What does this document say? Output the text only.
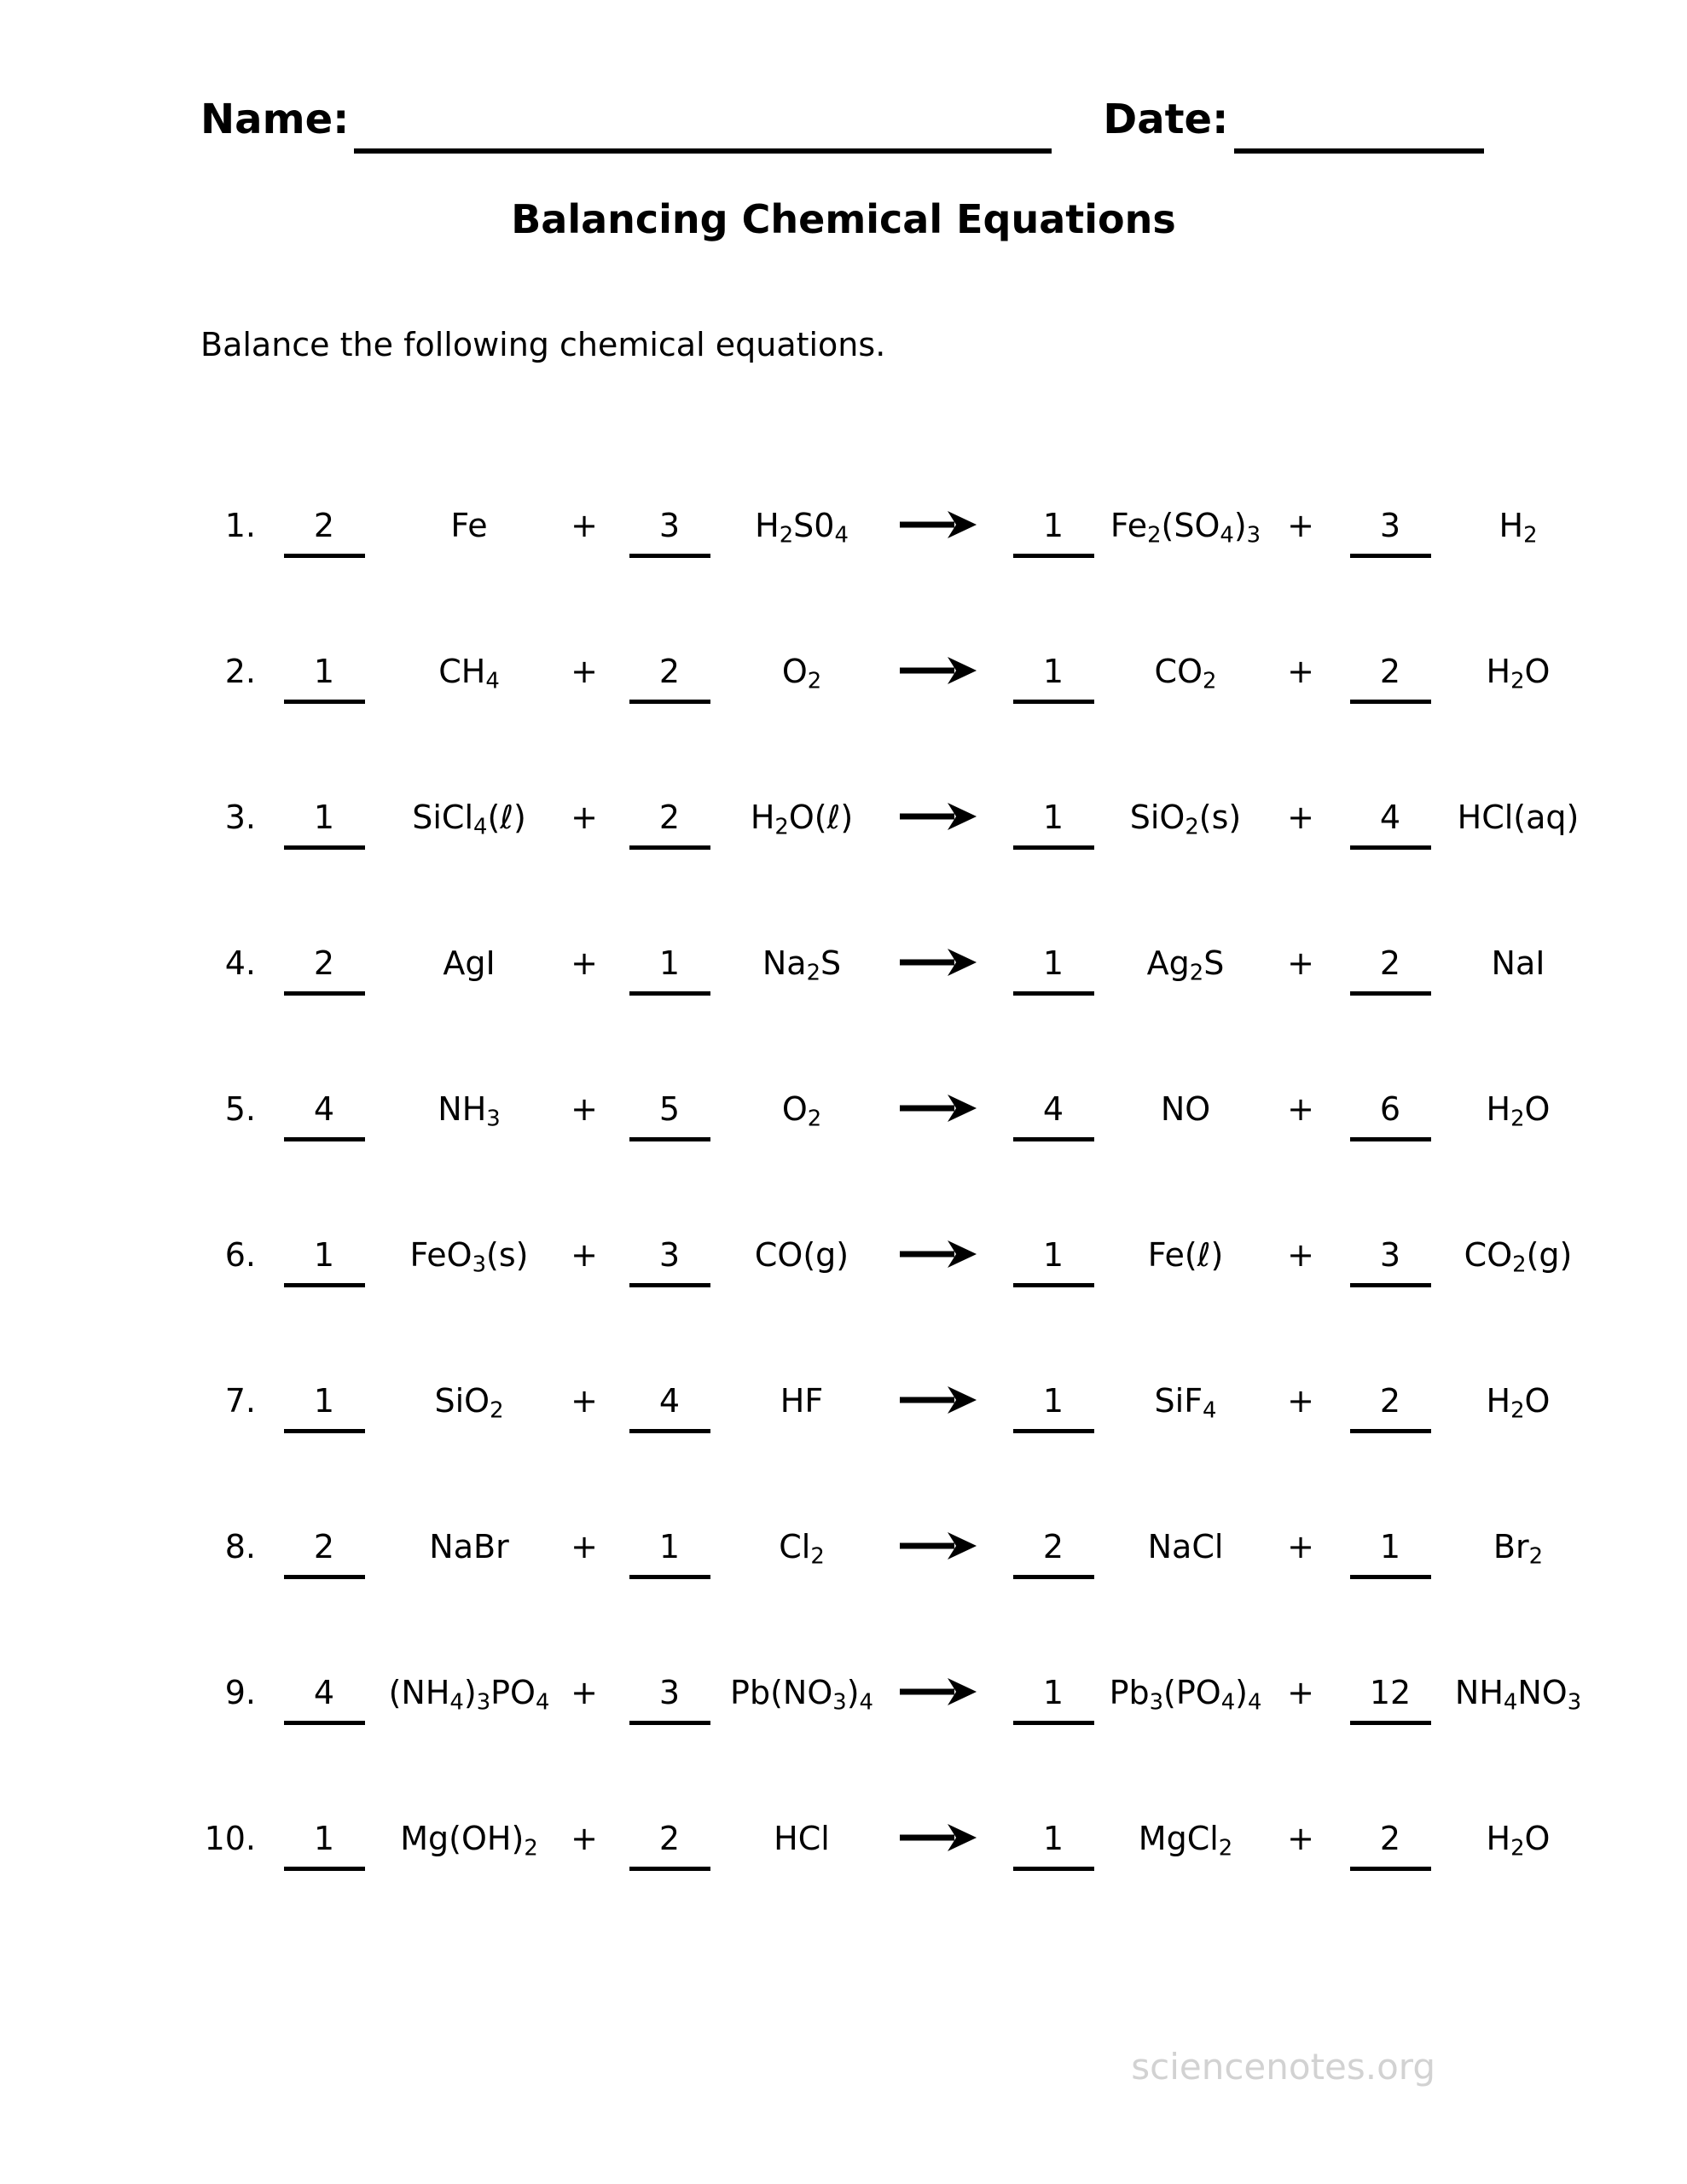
Name:	Date:
Balancing Chemical Equations
Balance the following chemical equations.
1.	2	Fe	+	3	$H_2S0_4$ →	1	$Fe_2(SO_4)_3$ +	3	$H_2$
2.	1	$CH_4$	+	2	$O_2$	→	1	$CO_2$	+	2	$H_2O$
3.	1	SiCl$_4$(ℓ)	+	2	$H_2O(\ell)$ →	1	SiO$_2$(s)	+	4	HCl(aq)
4.	2	AgI	+	1	$Na_2S$	→	1	$Ag_2S$	+	2	NaI
5.	4	$NH_3$	+	5	$O_2$	→	4	NO	+	6	$H_2O$
6.	1	FeO$_3$(s)	+	3	CO(g) →	1	Fe(ℓ)	+	3	$CO_2(g)$
7.	1	SiO$_2$	+	4	HF	→	1	SiF$_4$	+	2	$H_2O$
8.	2	NaBr	+	1	$Cl_2$	→	2	NaCl	+	1	$Br_2$
9.	4	$(NH_4)_3PO_4$ +	3	$Pb(NO_3)_4$ →	1	$Pb_3(PO_4)_4$ +	12	$NH_4NO_3$
10.	1	$Mg(OH)_2$	+	2	HCl	→	1	MgCl$_2$	+	2	$H_2O$
sciencenotes.org
